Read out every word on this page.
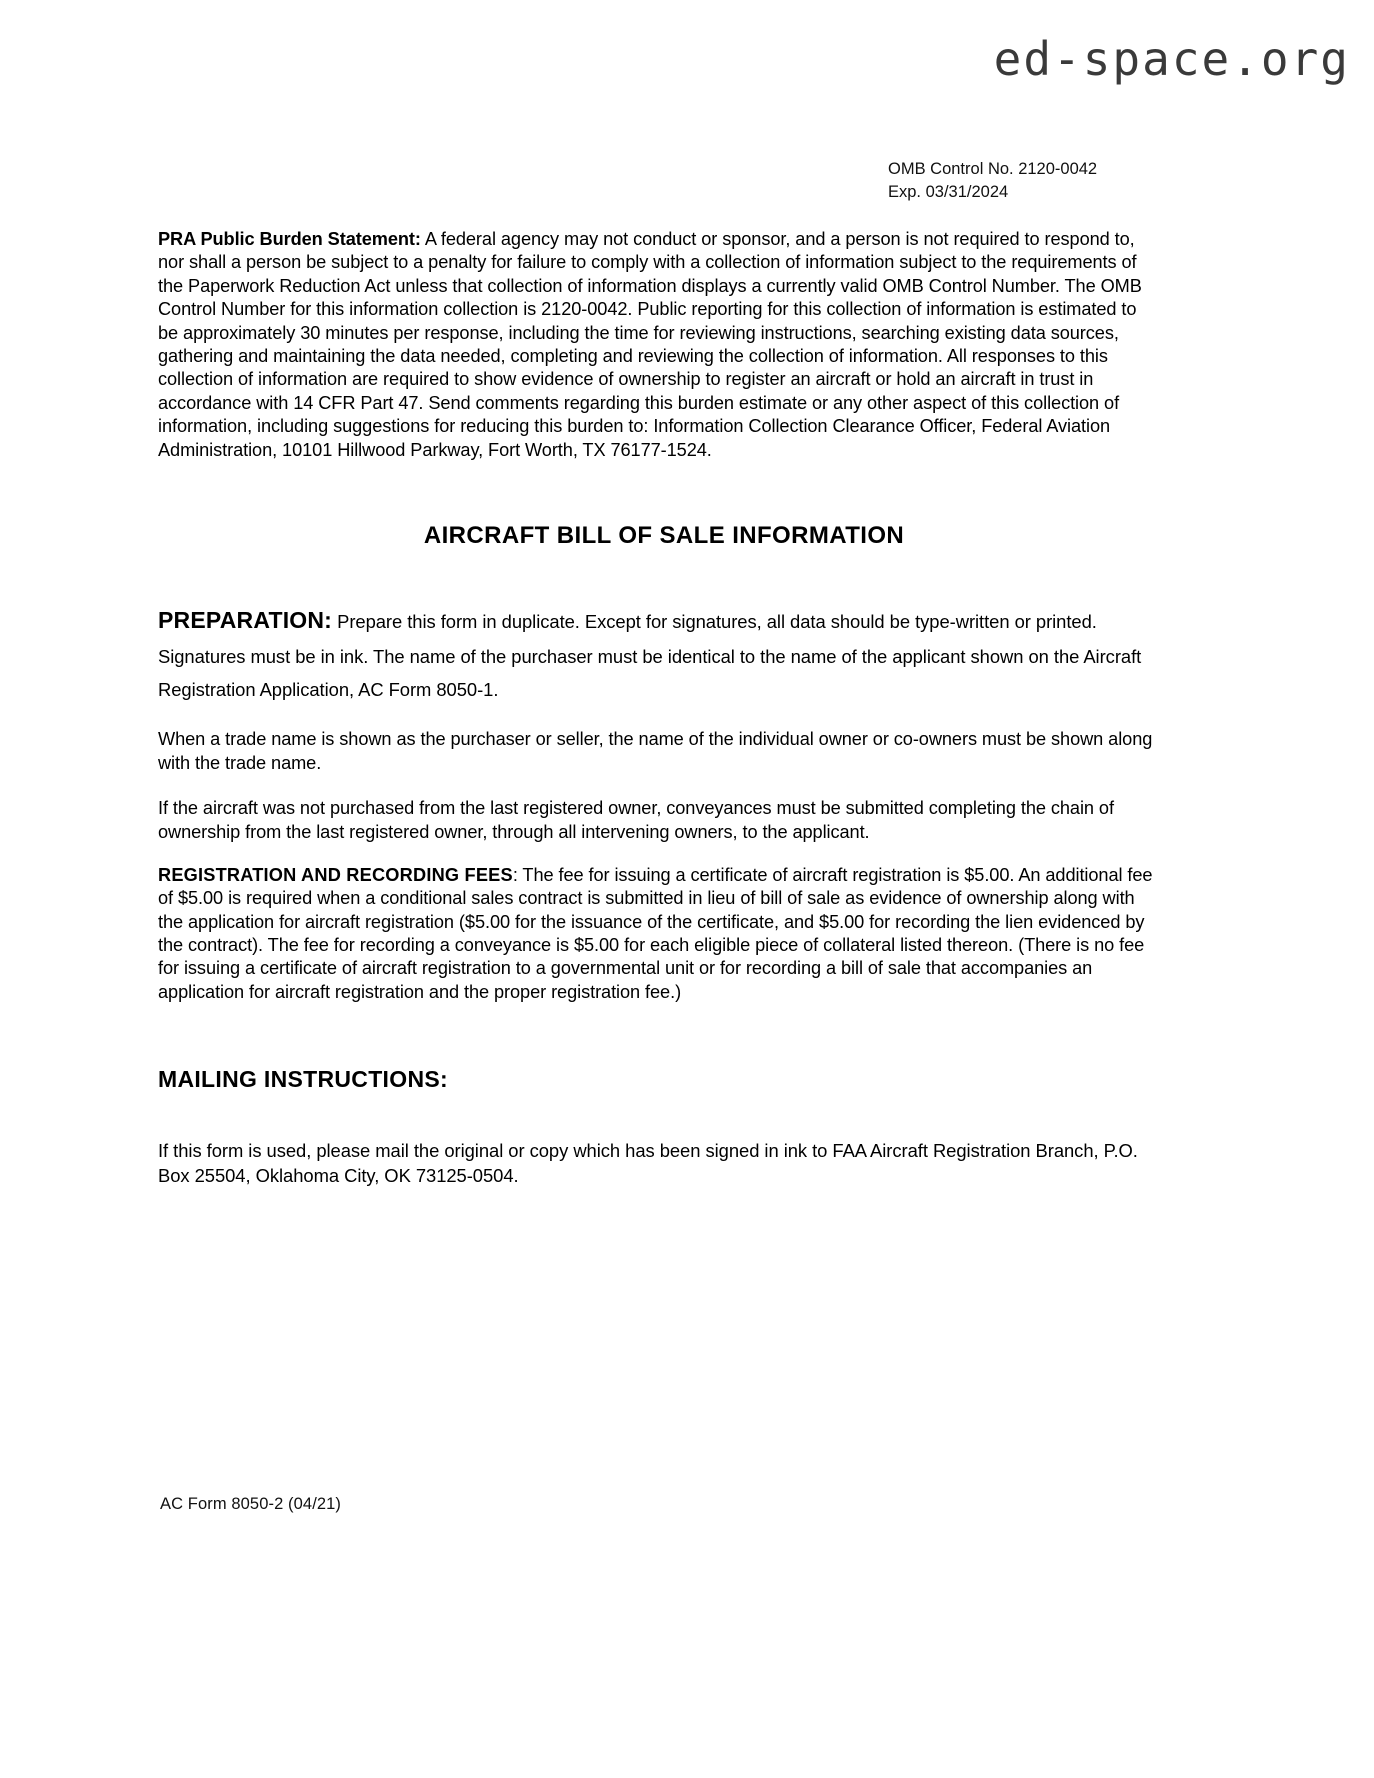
ed-space.org
OMB Control No. 2120-0042
Exp. 03/31/2024

PRA Public Burden Statement: A federal agency may not conduct or sponsor, and a person is not required to respond to, nor shall a person be subject to a penalty for failure to comply with a collection of information subject to the requirements of the Paperwork Reduction Act unless that collection of information displays a currently valid OMB Control Number. The OMB Control Number for this information collection is 2120-0042. Public reporting for this collection of information is estimated to be approximately 30 minutes per response, including the time for reviewing instructions, searching existing data sources, gathering and maintaining the data needed, completing and reviewing the collection of information. All responses to this collection of information are required to show evidence of ownership to register an aircraft or hold an aircraft in trust in accordance with 14 CFR Part 47. Send comments regarding this burden estimate or any other aspect of this collection of information, including suggestions for reducing this burden to: Information Collection Clearance Officer, Federal Aviation Administration, 10101 Hillwood Parkway, Fort Worth, TX 76177-1524.

AIRCRAFT BILL OF SALE INFORMATION

PREPARATION: Prepare this form in duplicate. Except for signatures, all data should be type-written or printed. Signatures must be in ink. The name of the purchaser must be identical to the name of the applicant shown on the Aircraft Registration Application, AC Form 8050-1.

When a trade name is shown as the purchaser or seller, the name of the individual owner or co-owners must be shown along with the trade name.

If the aircraft was not purchased from the last registered owner, conveyances must be submitted completing the chain of ownership from the last registered owner, through all intervening owners, to the applicant.

REGISTRATION AND RECORDING FEES: The fee for issuing a certificate of aircraft registration is $5.00. An additional fee of $5.00 is required when a conditional sales contract is submitted in lieu of bill of sale as evidence of ownership along with the application for aircraft registration ($5.00 for the issuance of the certificate, and $5.00 for recording the lien evidenced by the contract). The fee for recording a conveyance is $5.00 for each eligible piece of collateral listed thereon. (There is no fee for issuing a certificate of aircraft registration to a governmental unit or for recording a bill of sale that accompanies an application for aircraft registration and the proper registration fee.)

MAILING INSTRUCTIONS:

If this form is used, please mail the original or copy which has been signed in ink to FAA Aircraft Registration Branch, P.O. Box 25504, Oklahoma City, OK 73125-0504.

AC Form 8050-2 (04/21)
